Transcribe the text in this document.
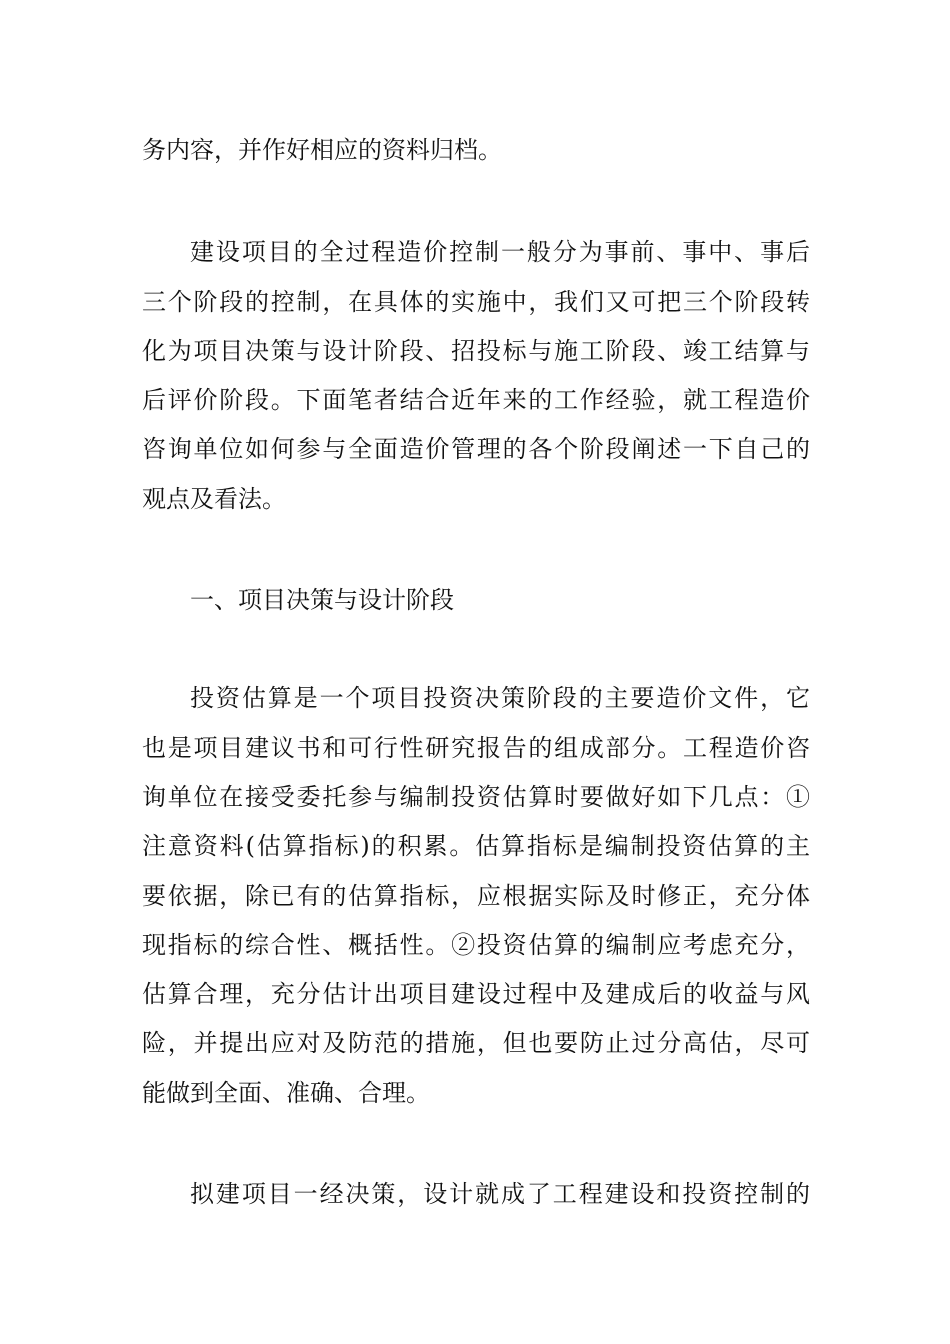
务内容，并作好相应的资料归档。
建设项目的全过程造价控制一般分为事前、事中、事后
三个阶段的控制，在具体的实施中，我们又可把三个阶段转
化为项目决策与设计阶段、招投标与施工阶段、竣工结算与
后评价阶段。下面笔者结合近年来的工作经验，就工程造价
咨询单位如何参与全面造价管理的各个阶段阐述一下自己的
观点及看法。
一、项目决策与设计阶段
投资估算是一个项目投资决策阶段的主要造价文件，它
也是项目建议书和可行性研究报告的组成部分。工程造价咨
询单位在接受委托参与编制投资估算时要做好如下几点：①
注意资料(估算指标)的积累。估算指标是编制投资估算的主
要依据，除已有的估算指标，应根据实际及时修正，充分体
现指标的综合性、概括性。②投资估算的编制应考虑充分，
估算合理，充分估计出项目建设过程中及建成后的收益与风
险，并提出应对及防范的措施，但也要防止过分高估，尽可
能做到全面、准确、合理。
拟建项目一经决策，设计就成了工程建设和投资控制的
